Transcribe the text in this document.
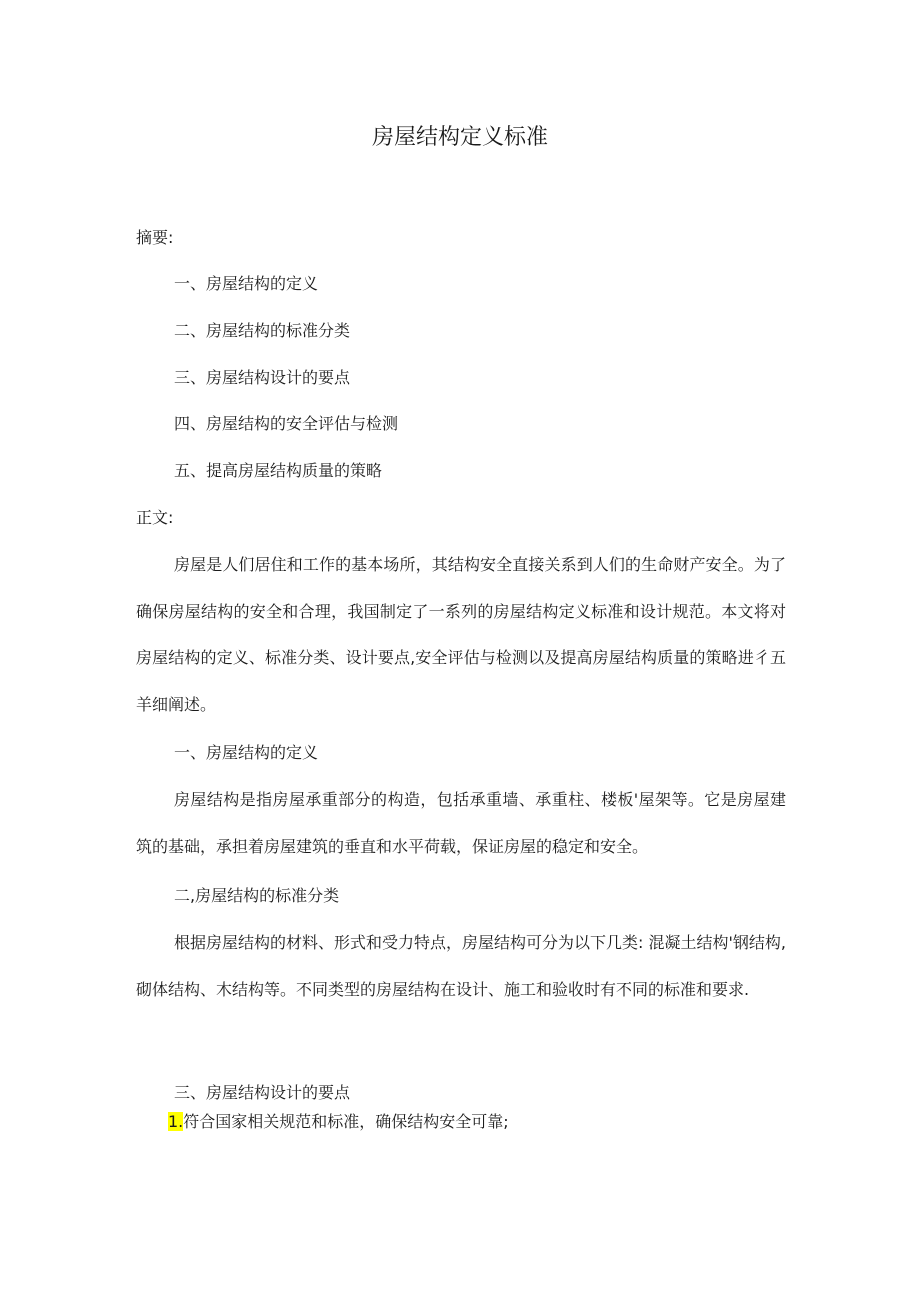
房屋结构定义标准
摘要:
一、房屋结构的定义
二、房屋结构的标准分类
三、房屋结构设计的要点
四、房屋结构的安全评估与检测
五、提高房屋结构质量的策略
正文:
房屋是人们居住和工作的基本场所，其结构安全直接关系到人们的生命财产安全。为了确保房屋结构的安全和合理，我国制定了一系列的房屋结构定义标准和设计规范。本文将对房屋结构的定义、标准分类、设计要点,安全评估与检测以及提高房屋结构质量的策略进彳五羊细阐述。
一、房屋结构的定义
房屋结构是指房屋承重部分的构造，包括承重墙、承重柱、楼板'屋架等。它是房屋建筑的基础，承担着房屋建筑的垂直和水平荷载，保证房屋的稳定和安全。
二,房屋结构的标准分类
根据房屋结构的材料、形式和受力特点，房屋结构可分为以下几类: 混凝土结构'钢结构,砌体结构、木结构等。不同类型的房屋结构在设计、施工和验收时有不同的标准和要求.
三、房屋结构设计的要点
1.符合国家相关规范和标准，确保结构安全可靠;
